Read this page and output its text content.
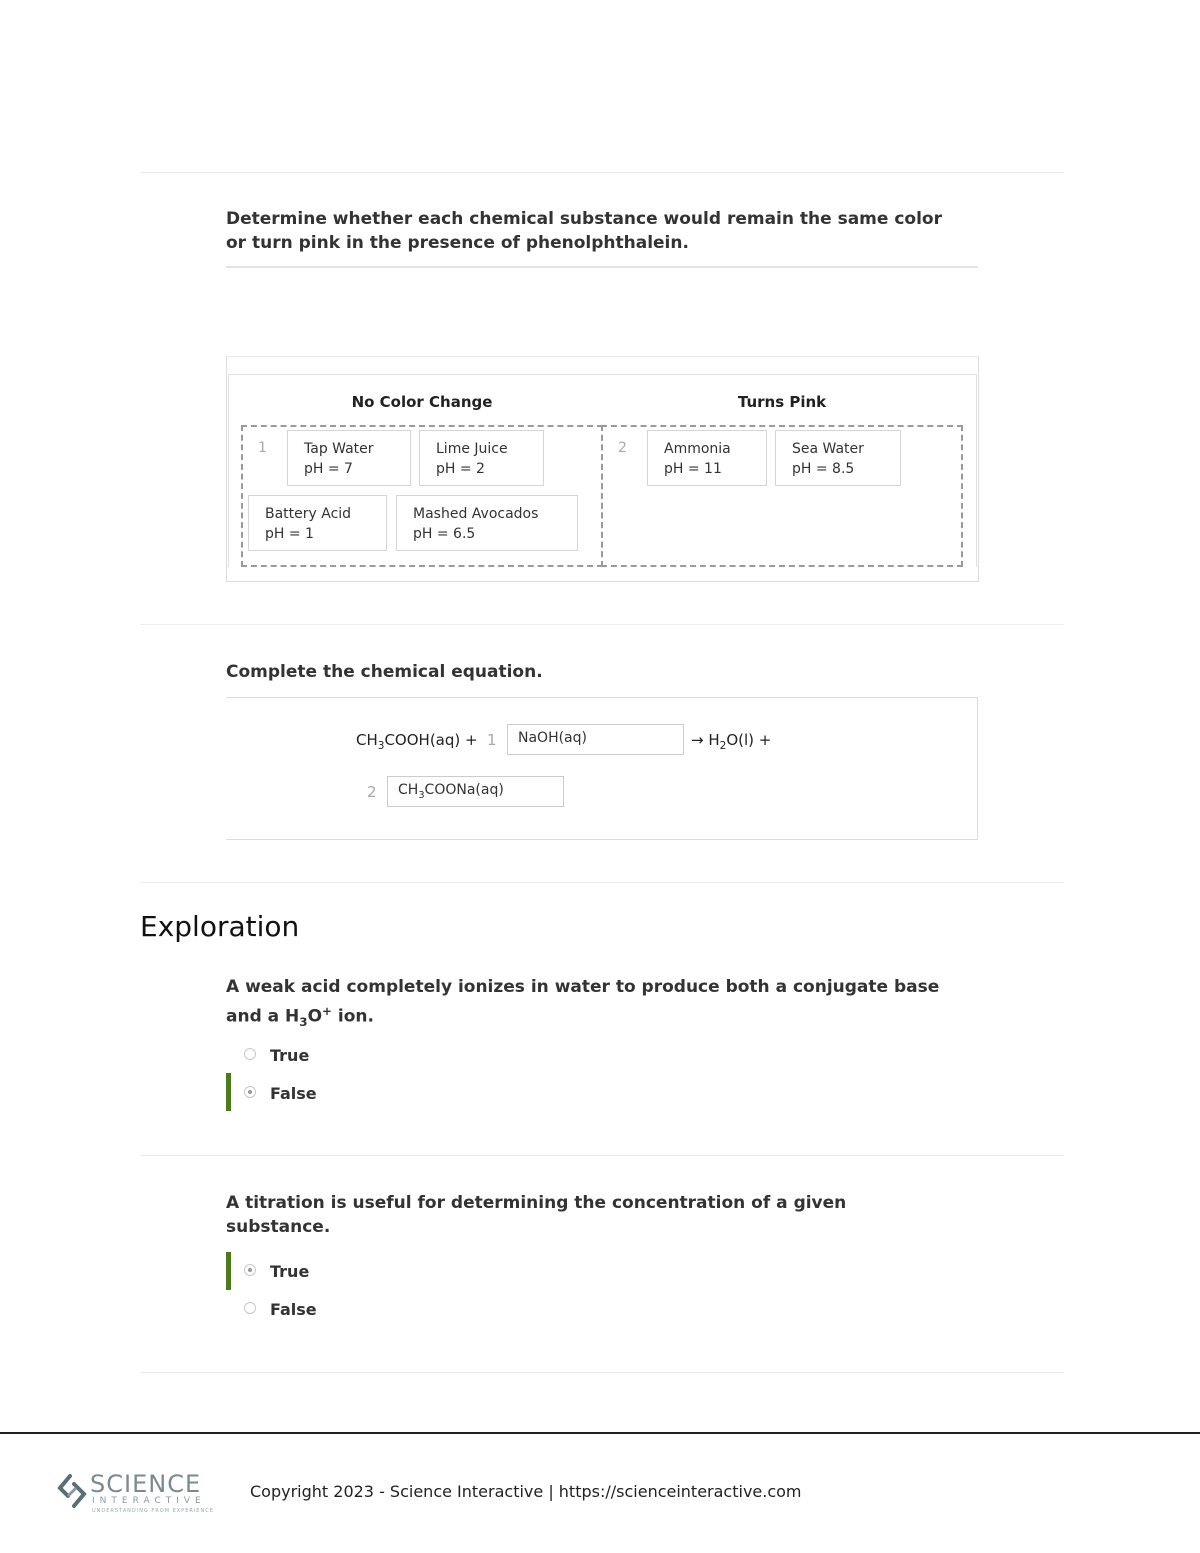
Determine whether each chemical substance would remain the same color or turn pink in the presence of phenolphthalein.
No Color Change	Turns Pink
1	2
Tap Water
pH = 7
Lime Juice
pH = 2
Battery Acid
pH = 1
Mashed Avocados
pH = 6.5
Ammonia
pH = 11
Sea Water
pH = 8.5
Complete the chemical equation.
$CH_3COOH(aq) + 1$	NaOH(aq)	→ $H_2O(l)$ +
2	$CH_3COONa(aq)$
Exploration
A weak acid completely ionizes in water to produce both a conjugate base and a $H_3O^+$ ion.
True
False
A titration is useful for determining the concentration of a given substance.
True
False
SCIENCE
INTERACTIVE
UNDERSTANDING FROM EXPERIENCE
Copyright 2023 - Science Interactive | https://scienceinteractive.com
